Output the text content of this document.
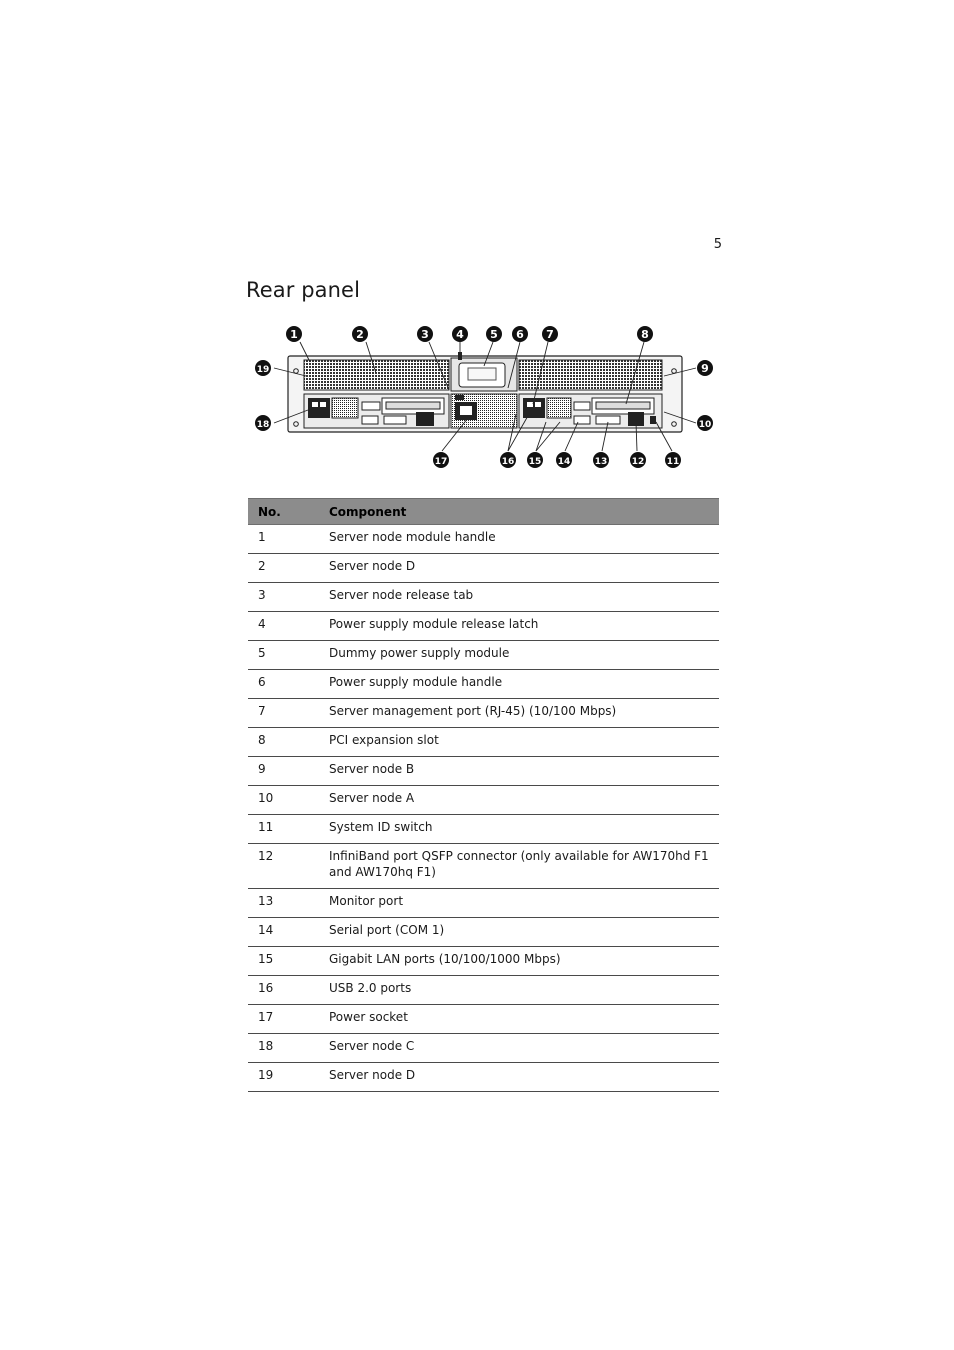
5
Rear panel
1	2	3 4 5 6 7	8
9
10
11
12
13
14
15
16
17
18
19
No.	Component
1	Server node module handle
2	Server node D
3	Server node release tab
4	Power supply module release latch
5	Dummy power supply module
6	Power supply module handle
7	Server management port (RJ-45) (10/100 Mbps)
8	PCI expansion slot
9	Server node B
10	Server node A
11	System ID switch
12	InfiniBand port QSFP connector (only available for AW170hd F1 and AW170hq F1)
13	Monitor port
14	Serial port (COM 1)
15	Gigabit LAN ports (10/100/1000 Mbps)
16	USB 2.0 ports
17	Power socket
18	Server node C
19	Server node D
